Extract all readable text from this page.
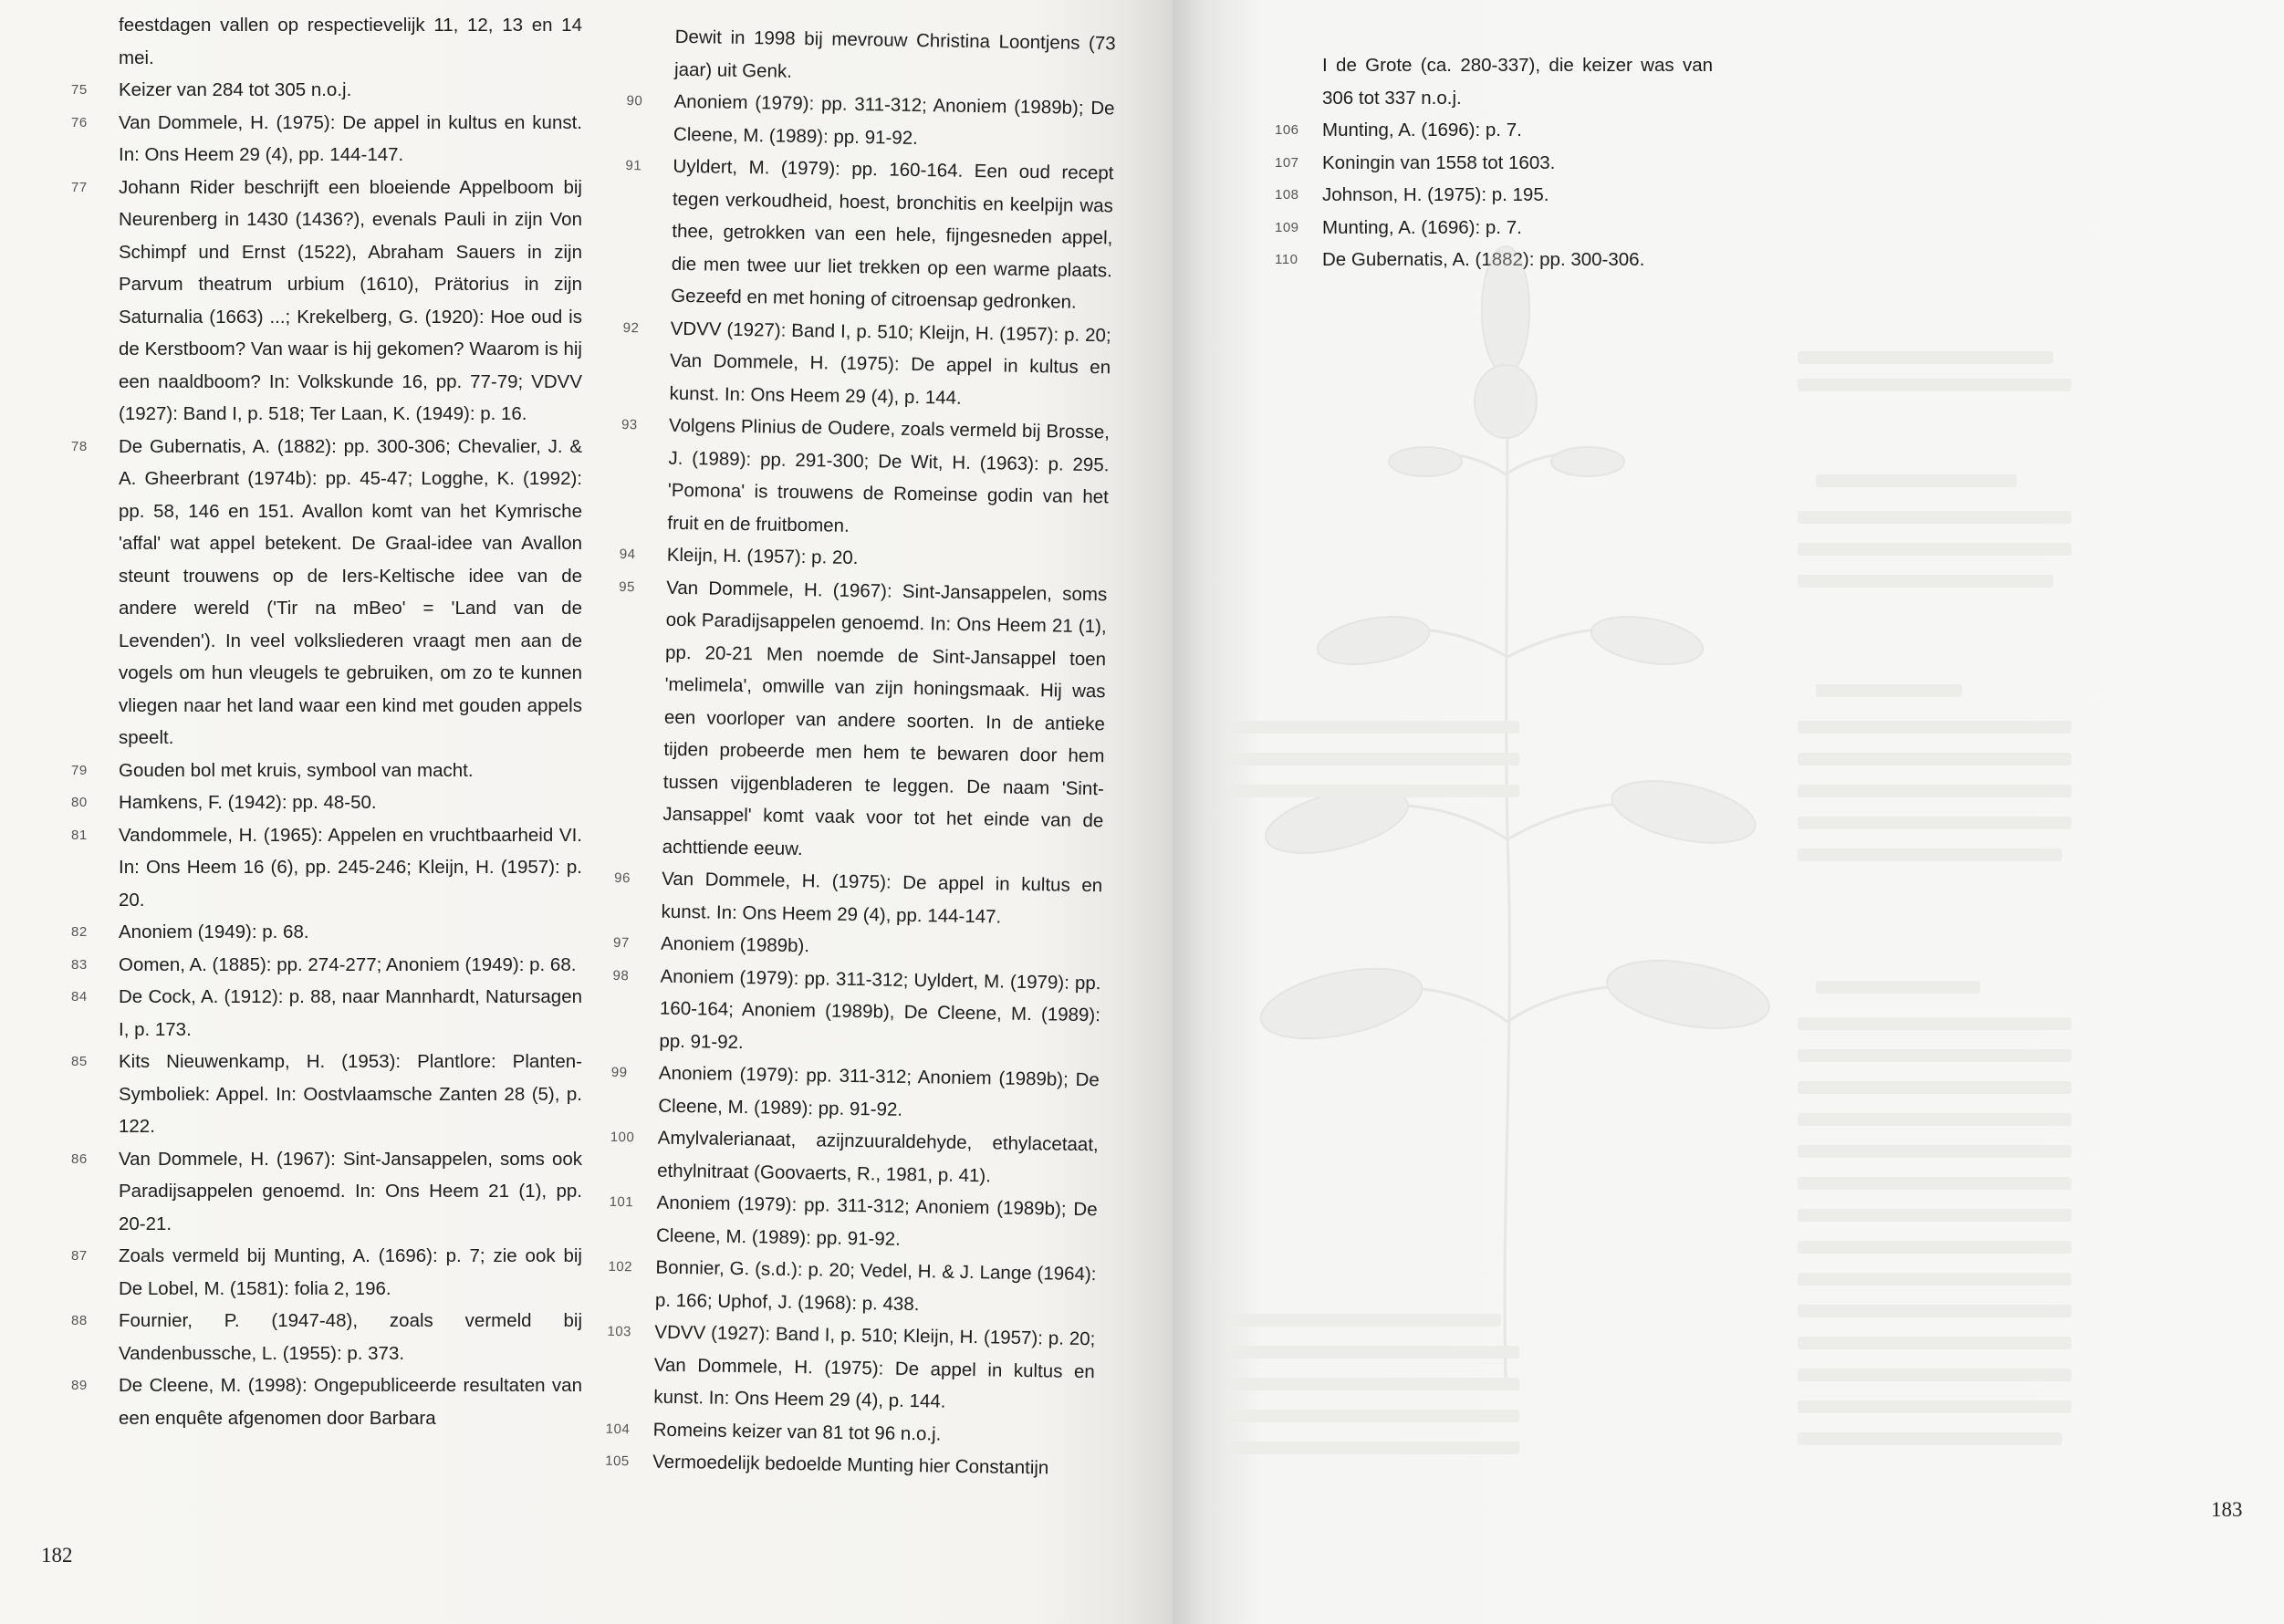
feestdagen vallen op respectievelijk 11, 12, 13 en 14 mei.
75 Keizer van 284 tot 305 n.o.j.
76 Van Dommele, H. (1975): De appel in kultus en kunst. In: Ons Heem 29 (4), pp. 144-147.
77 Johann Rider beschrijft een bloeiende Appelboom bij Neurenberg in 1430 (1436?), evenals Pauli in zijn Von Schimpf und Ernst (1522), Abraham Sauers in zijn Parvum theatrum urbium (1610), Prätorius in zijn Saturnalia (1663) ...; Krekelberg, G. (1920): Hoe oud is de Kerstboom? Van waar is hij gekomen? Waarom is hij een naaldboom? In: Volkskunde 16, pp. 77-79; VDVV (1927): Band I, p. 518; Ter Laan, K. (1949): p. 16.
78 De Gubernatis, A. (1882): pp. 300-306; Chevalier, J. & A. Gheerbrant (1974b): pp. 45-47; Logghe, K. (1992): pp. 58, 146 en 151. Avallon komt van het Kymrische 'affal' wat appel betekent. De Graal-idee van Avallon steunt trouwens op de Iers-Keltische idee van de andere wereld ('Tir na mBeo' = 'Land van de Levenden'). In veel volksliederen vraagt men aan de vogels om hun vleugels te gebruiken, om zo te kunnen vliegen naar het land waar een kind met gouden appels speelt.
79 Gouden bol met kruis, symbool van macht.
80 Hamkens, F. (1942): pp. 48-50.
81 Vandommele, H. (1965): Appelen en vruchtbaarheid VI. In: Ons Heem 16 (6), pp. 245-246; Kleijn, H. (1957): p. 20.
82 Anoniem (1949): p. 68.
83 Oomen, A. (1885): pp. 274-277; Anoniem (1949): p. 68.
84 De Cock, A. (1912): p. 88, naar Mannhardt, Natursagen I, p. 173.
85 Kits Nieuwenkamp, H. (1953): Plantlore: Planten-Symboliek: Appel. In: Oostvlaamsche Zanten 28 (5), p. 122.
86 Van Dommele, H. (1967): Sint-Jansappelen, soms ook Paradijsappelen genoemd. In: Ons Heem 21 (1), pp. 20-21.
87 Zoals vermeld bij Munting, A. (1696): p. 7; zie ook bij De Lobel, M. (1581): folia 2, 196.
88 Fournier, P. (1947-48), zoals vermeld bij Vandenbussche, L. (1955): p. 373.
89 De Cleene, M. (1998): Ongepubliceerde resultaten van een enquête afgenomen door Barbara
Dewit in 1998 bij mevrouw Christina Loontjens (73 jaar) uit Genk.
90 Anoniem (1979): pp. 311-312; Anoniem (1989b); De Cleene, M. (1989): pp. 91-92.
91 Uyldert, M. (1979): pp. 160-164. Een oud recept tegen verkoudheid, hoest, bronchitis en keelpijn was thee, getrokken van een hele, fijngesneden appel, die men twee uur liet trekken op een warme plaats. Gezeefd en met honing of citroensap gedronken.
92 VDVV (1927): Band I, p. 510; Kleijn, H. (1957): p. 20; Van Dommele, H. (1975): De appel in kultus en kunst. In: Ons Heem 29 (4), p. 144.
93 Volgens Plinius de Oudere, zoals vermeld bij Brosse, J. (1989): pp. 291-300; De Wit, H. (1963): p. 295. 'Pomona' is trouwens de Romeinse godin van het fruit en de fruitbomen.
94 Kleijn, H. (1957): p. 20.
95 Van Dommele, H. (1967): Sint-Jansappelen, soms ook Paradijsappelen genoemd. In: Ons Heem 21 (1), pp. 20-21 Men noemde de Sint-Jansappel toen 'melimela', omwille van zijn honingsmaak. Hij was een voorloper van andere soorten. In de antieke tijden probeerde men hem te bewaren door hem tussen vijgenbladeren te leggen. De naam 'Sint-Jansappel' komt vaak voor tot het einde van de achttiende eeuw.
96 Van Dommele, H. (1975): De appel in kultus en kunst. In: Ons Heem 29 (4), pp. 144-147.
97 Anoniem (1989b).
98 Anoniem (1979): pp. 311-312; Uyldert, M. (1979): pp. 160-164; Anoniem (1989b), De Cleene, M. (1989): pp. 91-92.
99 Anoniem (1979): pp. 311-312; Anoniem (1989b); De Cleene, M. (1989): pp. 91-92.
100 Amylvalerianaat, azijnzuuraldehyde, ethylacetaat, ethylnitraat (Goovaerts, R., 1981, p. 41).
101 Anoniem (1979): pp. 311-312; Anoniem (1989b); De Cleene, M. (1989): pp. 91-92.
102 Bonnier, G. (s.d.): p. 20; Vedel, H. & J. Lange (1964): p. 166; Uphof, J. (1968): p. 438.
103 VDVV (1927): Band I, p. 510; Kleijn, H. (1957): p. 20; Van Dommele, H. (1975): De appel in kultus en kunst. In: Ons Heem 29 (4), p. 144.
104 Romeins keizer van 81 tot 96 n.o.j.
105 Vermoedelijk bedoelde Munting hier Constantijn
182
I de Grote (ca. 280-337), die keizer was van 306 tot 337 n.o.j.
106 Munting, A. (1696): p. 7.
107 Koningin van 1558 tot 1603.
108 Johnson, H. (1975): p. 195.
109 Munting, A. (1696): p. 7.
110 De Gubernatis, A. (1882): pp. 300-306.
183
